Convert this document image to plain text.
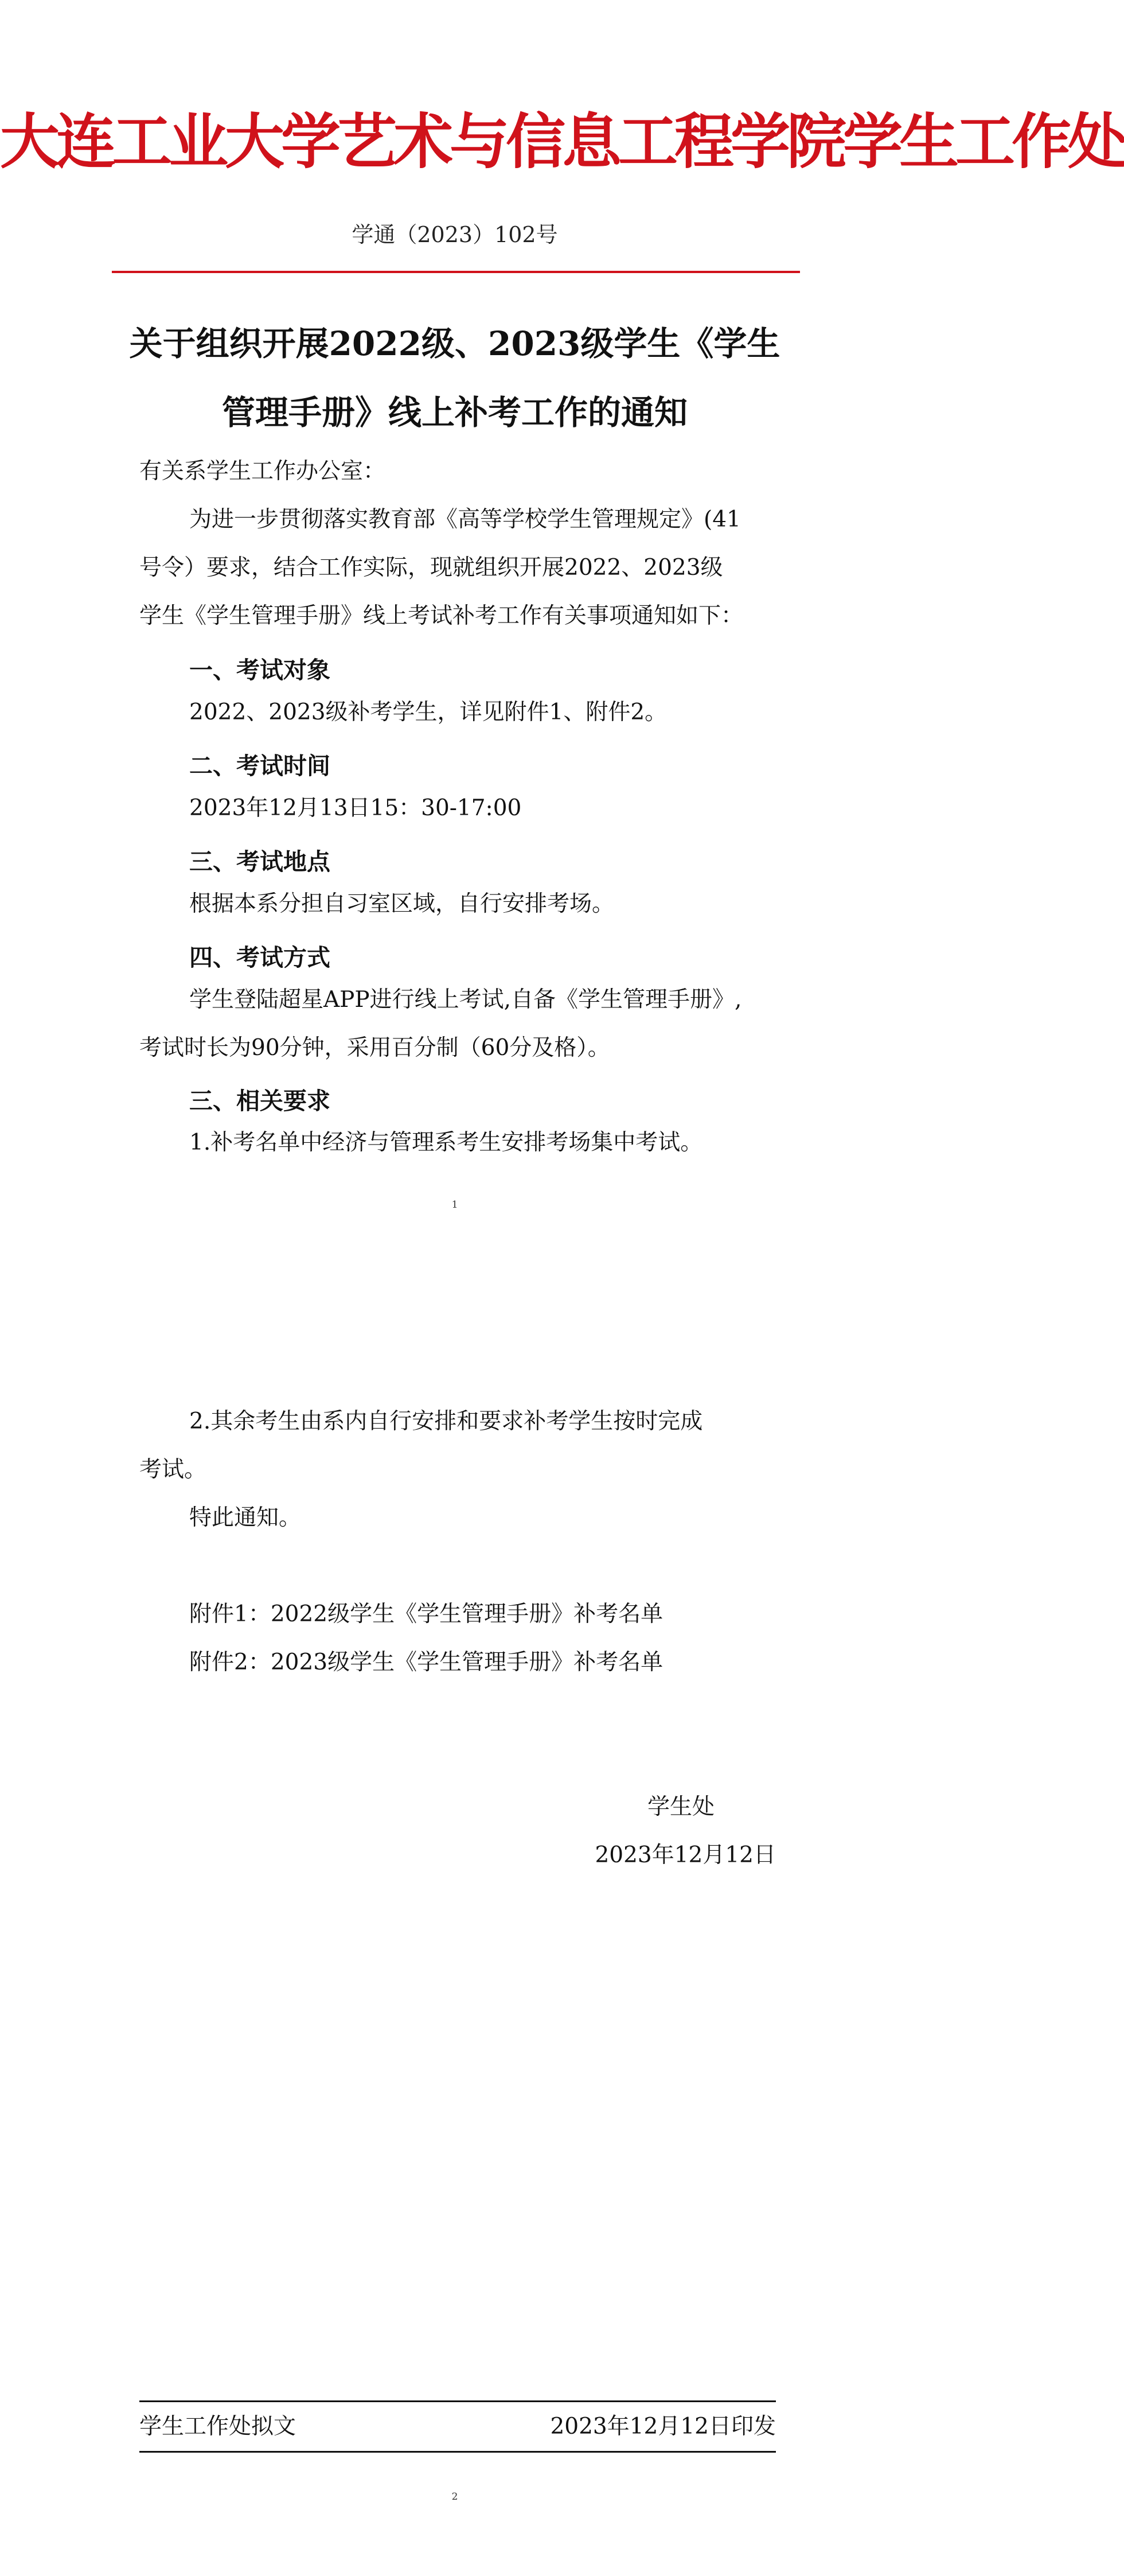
大连工业大学艺术与信息工程学院学生工作处
学通（2023）102号
关于组织开展2022级、2023级学生《学生
管理手册》线上补考工作的通知
有关系学生工作办公室：
为进一步贯彻落实教育部《高等学校学生管理规定》(41
号令）要求，结合工作实际，现就组织开展2022、2023级
学生《学生管理手册》线上考试补考工作有关事项通知如下：
一、考试对象
2022、2023级补考学生，详见附件1、附件2。
二、考试时间
2023年12月13日15：30-17:00
三、考试地点
根据本系分担自习室区域，自行安排考场。
四、考试方式
学生登陆超星APP进行线上考试,自备《学生管理手册》,
考试时长为90分钟，采用百分制（60分及格）。
三、相关要求
1.补考名单中经济与管理系考生安排考场集中考试。
1
2.其余考生由系内自行安排和要求补考学生按时完成
考试。
特此通知。
附件1：2022级学生《学生管理手册》补考名单
附件2：2023级学生《学生管理手册》补考名单
学生处
2023年12月12日
学生工作处拟文	2023年12月12日印发
2
